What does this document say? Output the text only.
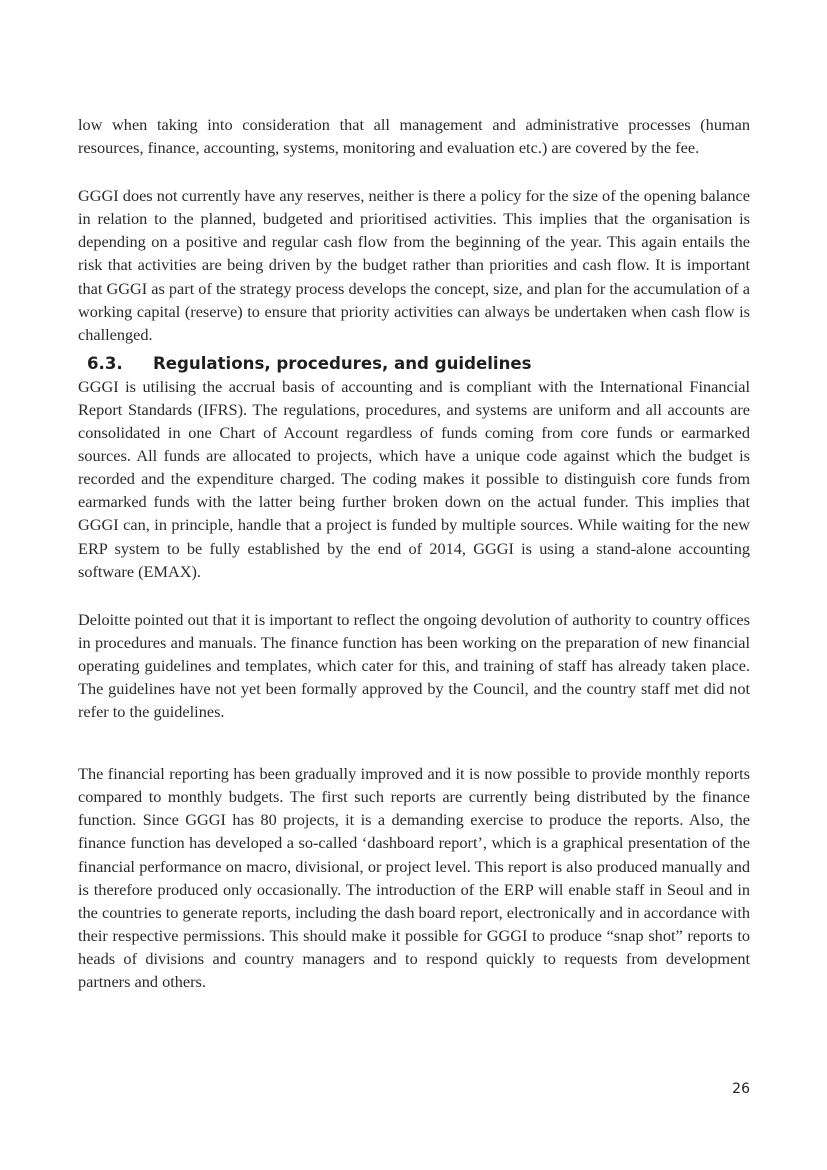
low when taking into consideration that all management and administrative processes (human resources, finance, accounting, systems, monitoring and evaluation etc.) are covered by the fee.

GGGI does not currently have any reserves, neither is there a policy for the size of the opening balance in relation to the planned, budgeted and prioritised activities. This implies that the organisation is depending on a positive and regular cash flow from the beginning of the year. This again entails the risk that activities are being driven by the budget rather than priorities and cash flow. It is important that GGGI as part of the strategy process develops the concept, size, and plan for the accumulation of a working capital (reserve) to ensure that priority activities can always be undertaken when cash flow is challenged.

6.3. Regulations, procedures, and guidelines

GGGI is utilising the accrual basis of accounting and is compliant with the International Financial Report Standards (IFRS). The regulations, procedures, and systems are uniform and all accounts are consolidated in one Chart of Account regardless of funds coming from core funds or earmarked sources. All funds are allocated to projects, which have a unique code against which the budget is recorded and the expenditure charged. The coding makes it possible to distinguish core funds from earmarked funds with the latter being further broken down on the actual funder. This implies that GGGI can, in principle, handle that a project is funded by multiple sources. While waiting for the new ERP system to be fully established by the end of 2014, GGGI is using a stand-alone accounting software (EMAX).

Deloitte pointed out that it is important to reflect the ongoing devolution of authority to country offices in procedures and manuals. The finance function has been working on the preparation of new financial operating guidelines and templates, which cater for this, and training of staff has already taken place. The guidelines have not yet been formally approved by the Council, and the country staff met did not refer to the guidelines.

The financial reporting has been gradually improved and it is now possible to provide monthly reports compared to monthly budgets. The first such reports are currently being distributed by the finance function. Since GGGI has 80 projects, it is a demanding exercise to produce the reports. Also, the finance function has developed a so-called ‘dashboard report’, which is a graphical presentation of the financial performance on macro, divisional, or project level. This report is also produced manually and is therefore produced only occasionally. The introduction of the ERP will enable staff in Seoul and in the countries to generate reports, including the dash board report, electronically and in accordance with their respective permissions. This should make it possible for GGGI to produce “snap shot” reports to heads of divisions and country managers and to respond quickly to requests from development partners and others.

26
